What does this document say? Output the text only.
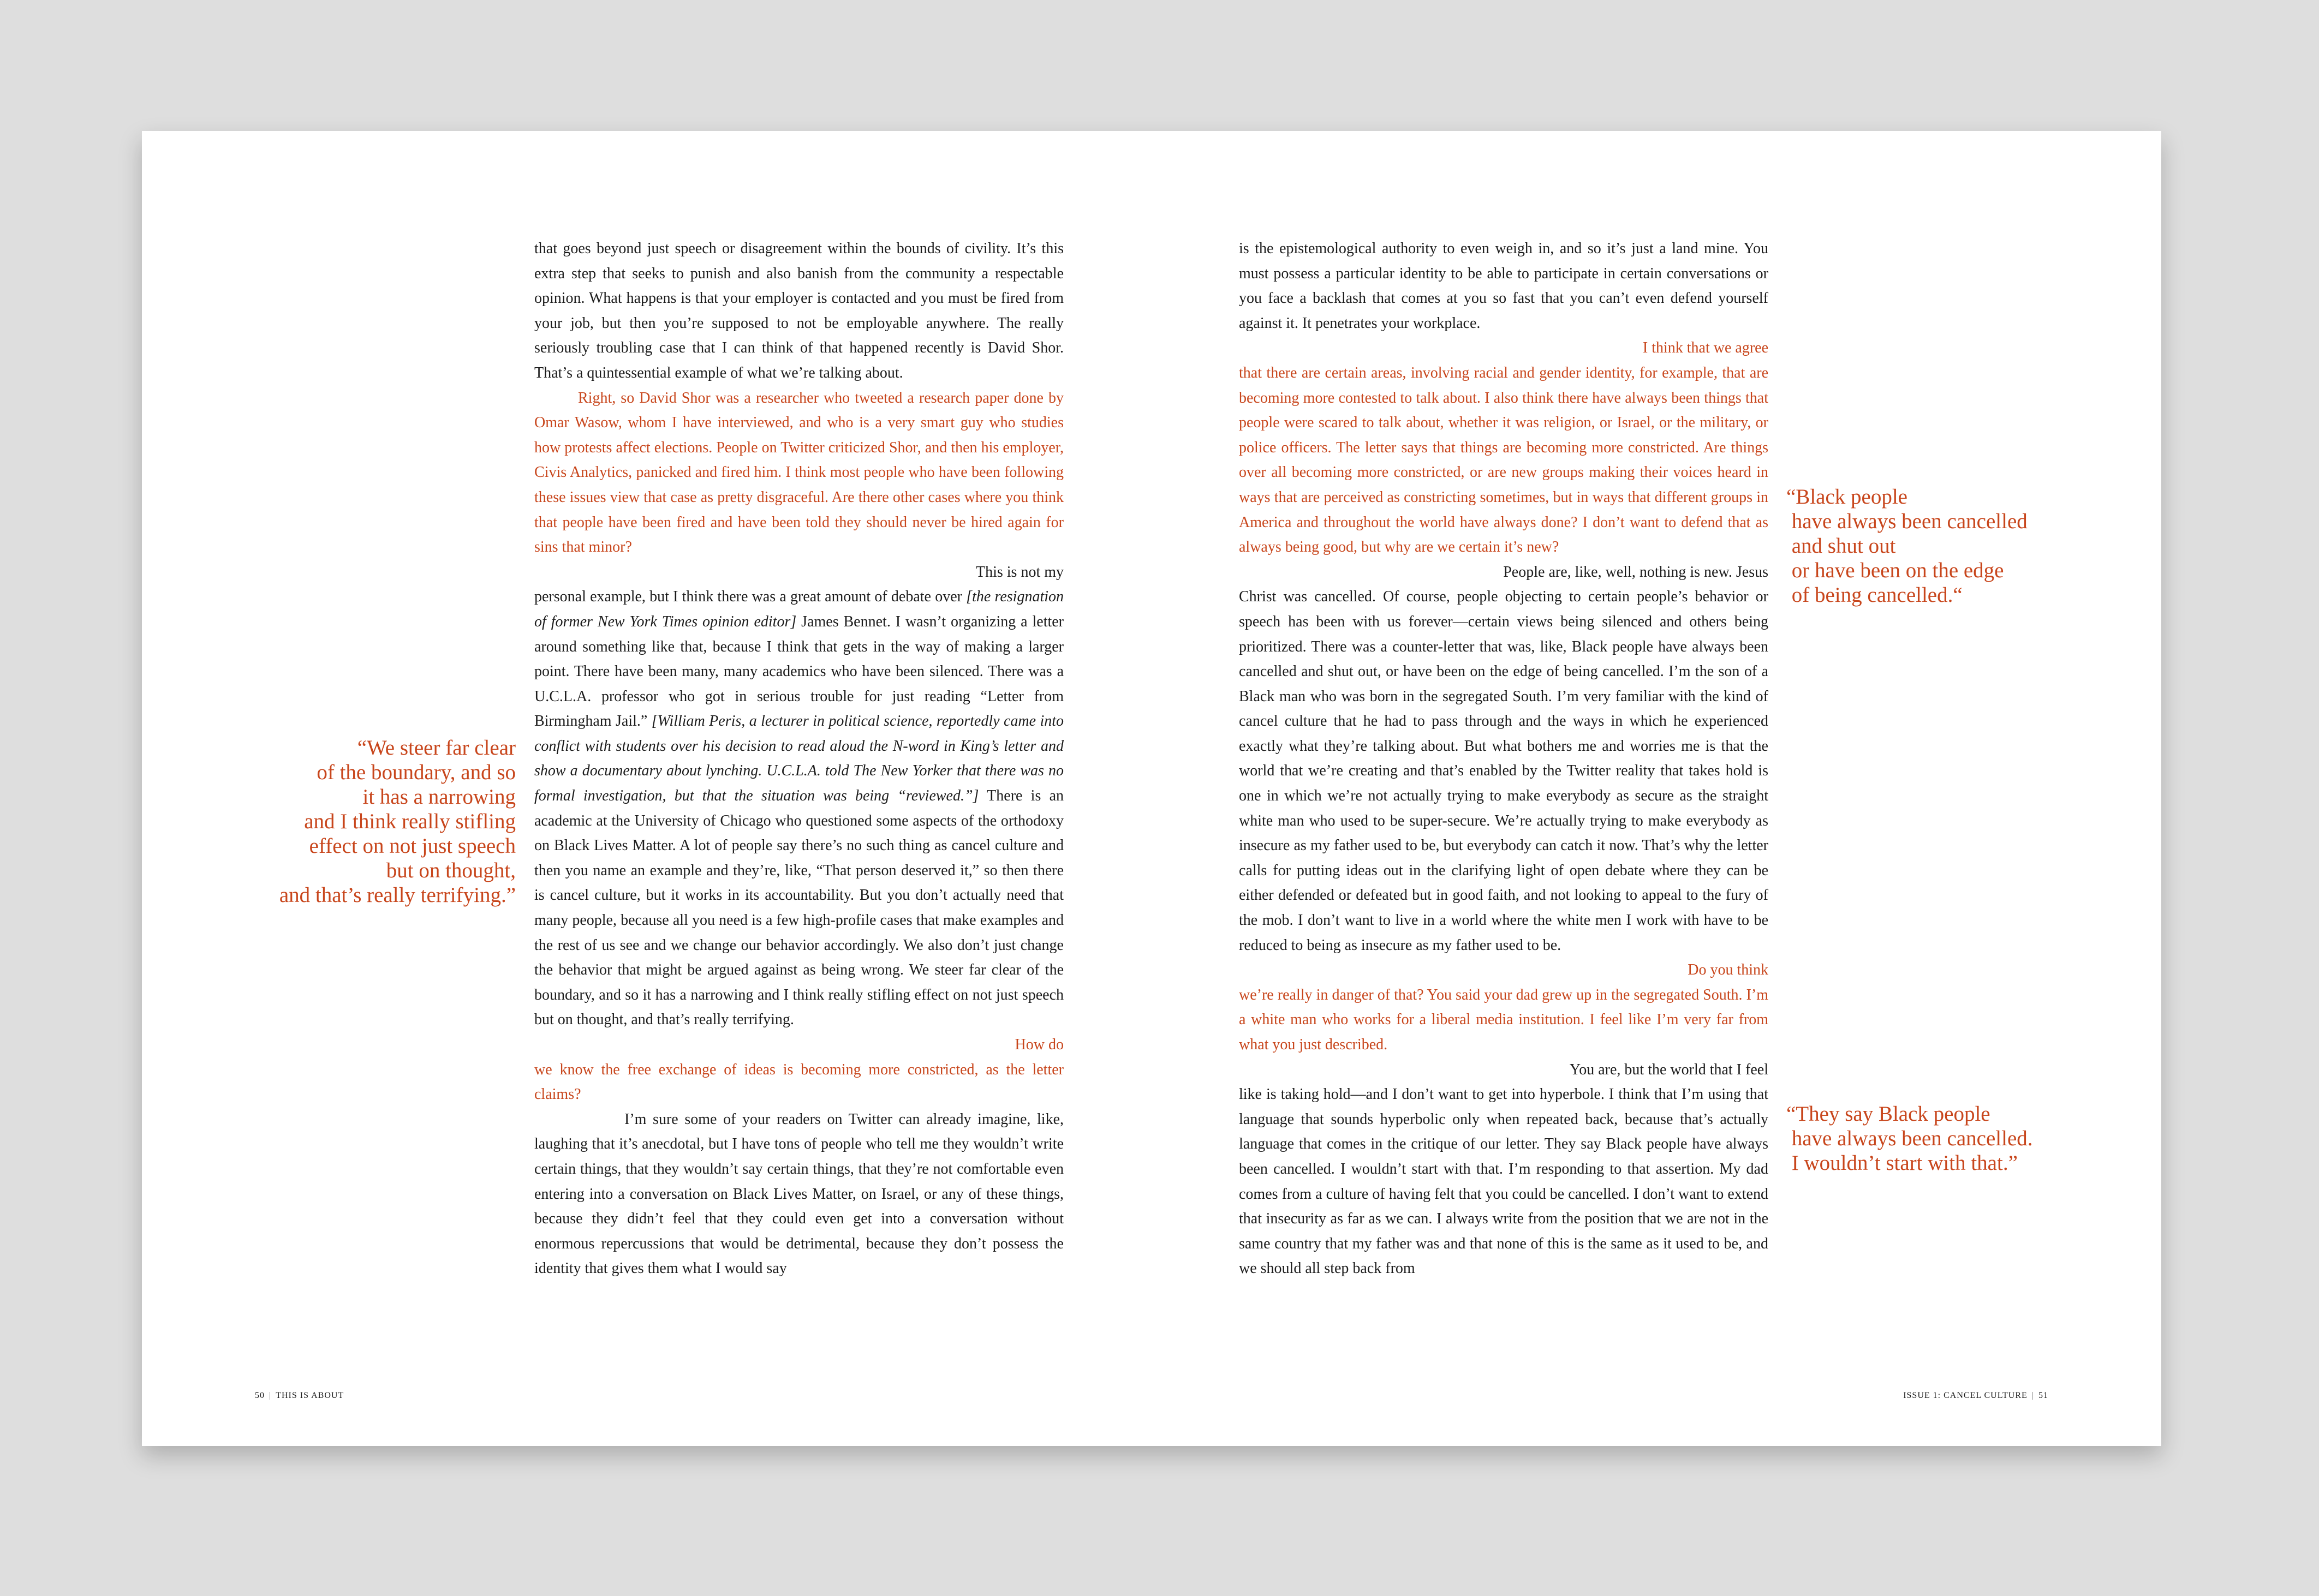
“We steer far clear

of the boundary, and so

it has a narrowing

and I think really stifling

effect on not just speech

but on thought,

and that’s really terrifying.”

that goes beyond just speech or disagreement within the bounds of civility. It’s this extra step that seeks to punish and also banish from the community a respectable opinion. What happens is that your employer is contacted and you must be fired from your job, but then you’re supposed to not be employable anywhere. The really seriously troubling case that I can think of that happened recently is David Shor. That’s a quintessential example of what we’re talking about.

Right, so David Shor was a researcher who tweeted a research paper done by Omar Wasow, whom I have interviewed, and who is a very smart guy who studies how protests affect elections. People on Twitter criticized Shor, and then his employer, Civis Analytics, panicked and fired him. I think most people who have been following these issues view that case as pretty disgraceful. Are there other cases where you think that people have been fired and have been told they should never be hired again for sins that minor?

This is not my

personal example, but I think there was a great amount of debate over [the resignation of former New York Times opinion editor] James Bennet. I wasn’t organizing a letter around something like that, because I think that gets in the way of making a larger point. There have been many, many academics who have been silenced. There was a U.C.L.A. professor who got in serious trouble for just reading “Letter from Birmingham Jail.” [William Peris, a lecturer in political science, reportedly came into conflict with students over his decision to read aloud the N-word in King’s letter and show a documentary about lynching. U.C.L.A. told The New Yorker that there was no formal investigation, but that the situation was being “reviewed.”] There is an academic at the University of Chicago who questioned some aspects of the orthodoxy on Black Lives Matter. A lot of people say there’s no such thing as cancel culture and then you name an example and they’re, like, “That person deserved it,” so then there is cancel culture, but it works in its accountability. But you don’t actually need that many people, because all you need is a few high-profile cases that make examples and the rest of us see and we change our behavior accordingly. We also don’t just change the behavior that might be argued against as being wrong. We steer far clear of the boundary, and so it has a narrowing and I think really stifling effect on not just speech but on thought, and that’s really terrifying.

How do

we know the free exchange of ideas is becoming more constricted, as the letter claims?

I’m sure some of your readers on Twitter can already imagine, like, laughing that it’s anecdotal, but I have tons of people who tell me they wouldn’t write certain things, that they wouldn’t say certain things, that they’re not comfortable even entering into a conversation on Black Lives Matter, on Israel, or any of these things, because they didn’t feel that they could even get into a conversation without enormous repercussions that would be detrimental, because they don’t possess the identity that gives them what I would say

50 | THIS IS ABOUT

is the epistemological authority to even weigh in, and so it’s just a land mine. You must possess a particular identity to be able to participate in certain conversations or you face a backlash that comes at you so fast that you can’t even defend yourself against it. It penetrates your workplace.

I think that we agree

that there are certain areas, involving racial and gender identity, for example, that are becoming more contested to talk about. I also think there have always been things that people were scared to talk about, whether it was religion, or Israel, or the military, or police officers. The letter says that things are becoming more constricted. Are things over all becoming more constricted, or are new groups making their voices heard in ways that are perceived as constricting sometimes, but in ways that different groups in America and throughout the world have always done? I don’t want to defend that as always being good, but why are we certain it’s new?

People are, like, well, nothing is new. Jesus

Christ was cancelled. Of course, people objecting to certain people’s behavior or speech has been with us forever—certain views being silenced and others being prioritized. There was a counter-letter that was, like, Black people have always been cancelled and shut out, or have been on the edge of being cancelled. I’m the son of a Black man who was born in the segregated South. I’m very familiar with the kind of cancel culture that he had to pass through and the ways in which he experienced exactly what they’re talking about. But what bothers me and worries me is that the world that we’re creating and that’s enabled by the Twitter reality that takes hold is one in which we’re not actually trying to make everybody as secure as the straight white man who used to be super-secure. We’re actually trying to make everybody as insecure as my father used to be, but everybody can catch it now. That’s why the letter calls for putting ideas out in the clarifying light of open debate where they can be either defended or defeated but in good faith, and not looking to appeal to the fury of the mob. I don’t want to live in a world where the white men I work with have to be reduced to being as insecure as my father used to be.

Do you think

we’re really in danger of that? You said your dad grew up in the segregated South. I’m a white man who works for a liberal media institution. I feel like I’m very far from what you just described.

You are, but the world that I feel

like is taking hold—and I don’t want to get into hyperbole. I think that I’m using that language that sounds hyperbolic only when repeated back, because that’s actually language that comes in the critique of our letter. They say Black people have always been cancelled. I wouldn’t start with that. I’m responding to that assertion. My dad comes from a culture of having felt that you could be cancelled. I don’t want to extend that insecurity as far as we can. I always write from the position that we are not in the same country that my father was and that none of this is the same as it used to be, and we should all step back from

“Black people

have always been cancelled

and shut out

or have been on the edge

of being cancelled.“

“They say Black people

have always been cancelled.

I wouldn’t start with that.”

ISSUE 1: CANCEL CULTURE | 51
